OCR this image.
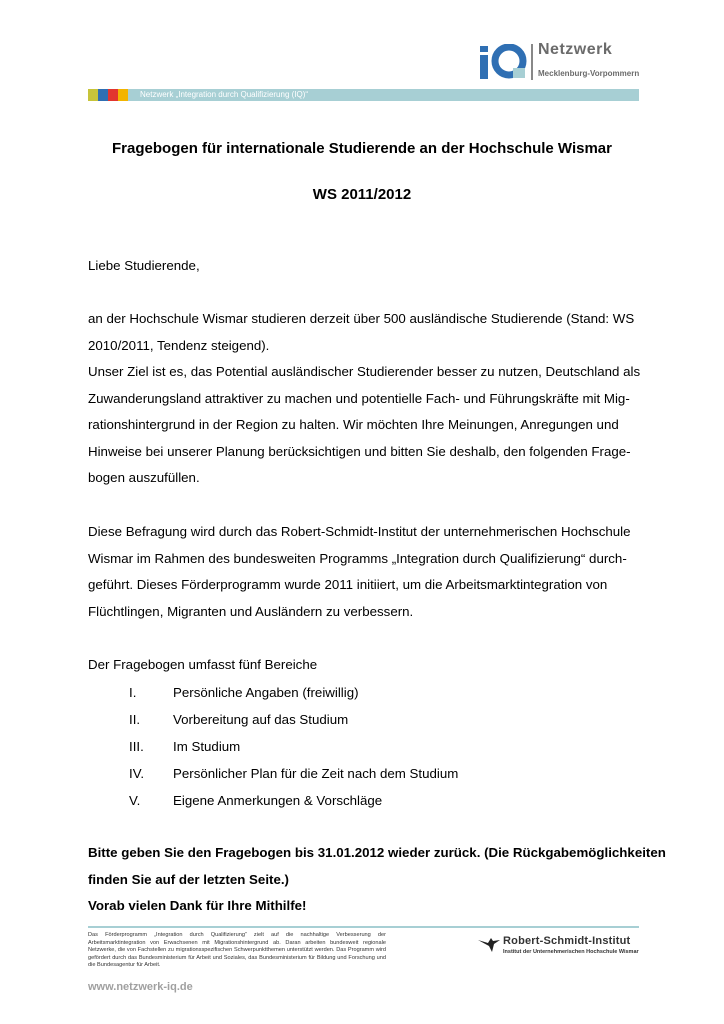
Netzwerk
Mecklenburg-Vorpommern
Netzwerk „Integration durch Qualifizierung (IQ)“
Fragebogen für internationale Studierende an der Hochschule Wismar
WS 2011/2012

Liebe Studierende,

an der Hochschule Wismar studieren derzeit über 500 ausländische Studierende (Stand: WS

2010/2011, Tendenz steigend).

Unser Ziel ist es, das Potential ausländischer Studierender besser zu nutzen, Deutschland als

Zuwanderungsland attraktiver zu machen und potentielle Fach- und Führungskräfte mit Mig-

rationshintergrund in der Region zu halten. Wir möchten Ihre Meinungen, Anregungen und

Hinweise bei unserer Planung berücksichtigen und bitten Sie deshalb, den folgenden Frage-

bogen auszufüllen.

Diese Befragung wird durch das Robert-Schmidt-Institut der unternehmerischen Hochschule

Wismar im Rahmen des bundesweiten Programms „Integration durch Qualifizierung“ durch-

geführt. Dieses Förderprogramm wurde 2011 initiiert, um die Arbeitsmarktintegration von

Flüchtlingen, Migranten und Ausländern zu verbessern.

Der Fragebogen umfasst fünf Bereiche

I.	Persönliche Angaben (freiwillig)
II. Vorbereitung auf das Studium
III. Im Studium
IV. Persönlicher Plan für die Zeit nach dem Studium
V. Eigene Anmerkungen & Vorschläge

Bitte geben Sie den Fragebogen bis 31.01.2012 wieder zurück. (Die Rückgabemöglichkeiten

finden Sie auf der letzten Seite.)

Vorab vielen Dank für Ihre Mithilfe!

Das Förderprogramm „Integration durch Qualifizierung“ zielt auf die nachhaltige Verbesserung der Arbeitsmarktintegration von Erwachsenen mit Migrationshintergrund ab. Daran arbeiten bundesweit regionale Netzwerke, die von Fachstellen zu migrationsspezifischen Schwerpunktthemen unterstützt werden. Das Programm wird gefördert durch das Bundesministerium für Arbeit und Soziales, das Bundesministerium für Bildung und Forschung und die Bundesagentur für Arbeit.
www.netzwerk-iq.de
Robert-Schmidt-Institut
Institut der Unternehmerischen Hochschule Wismar
